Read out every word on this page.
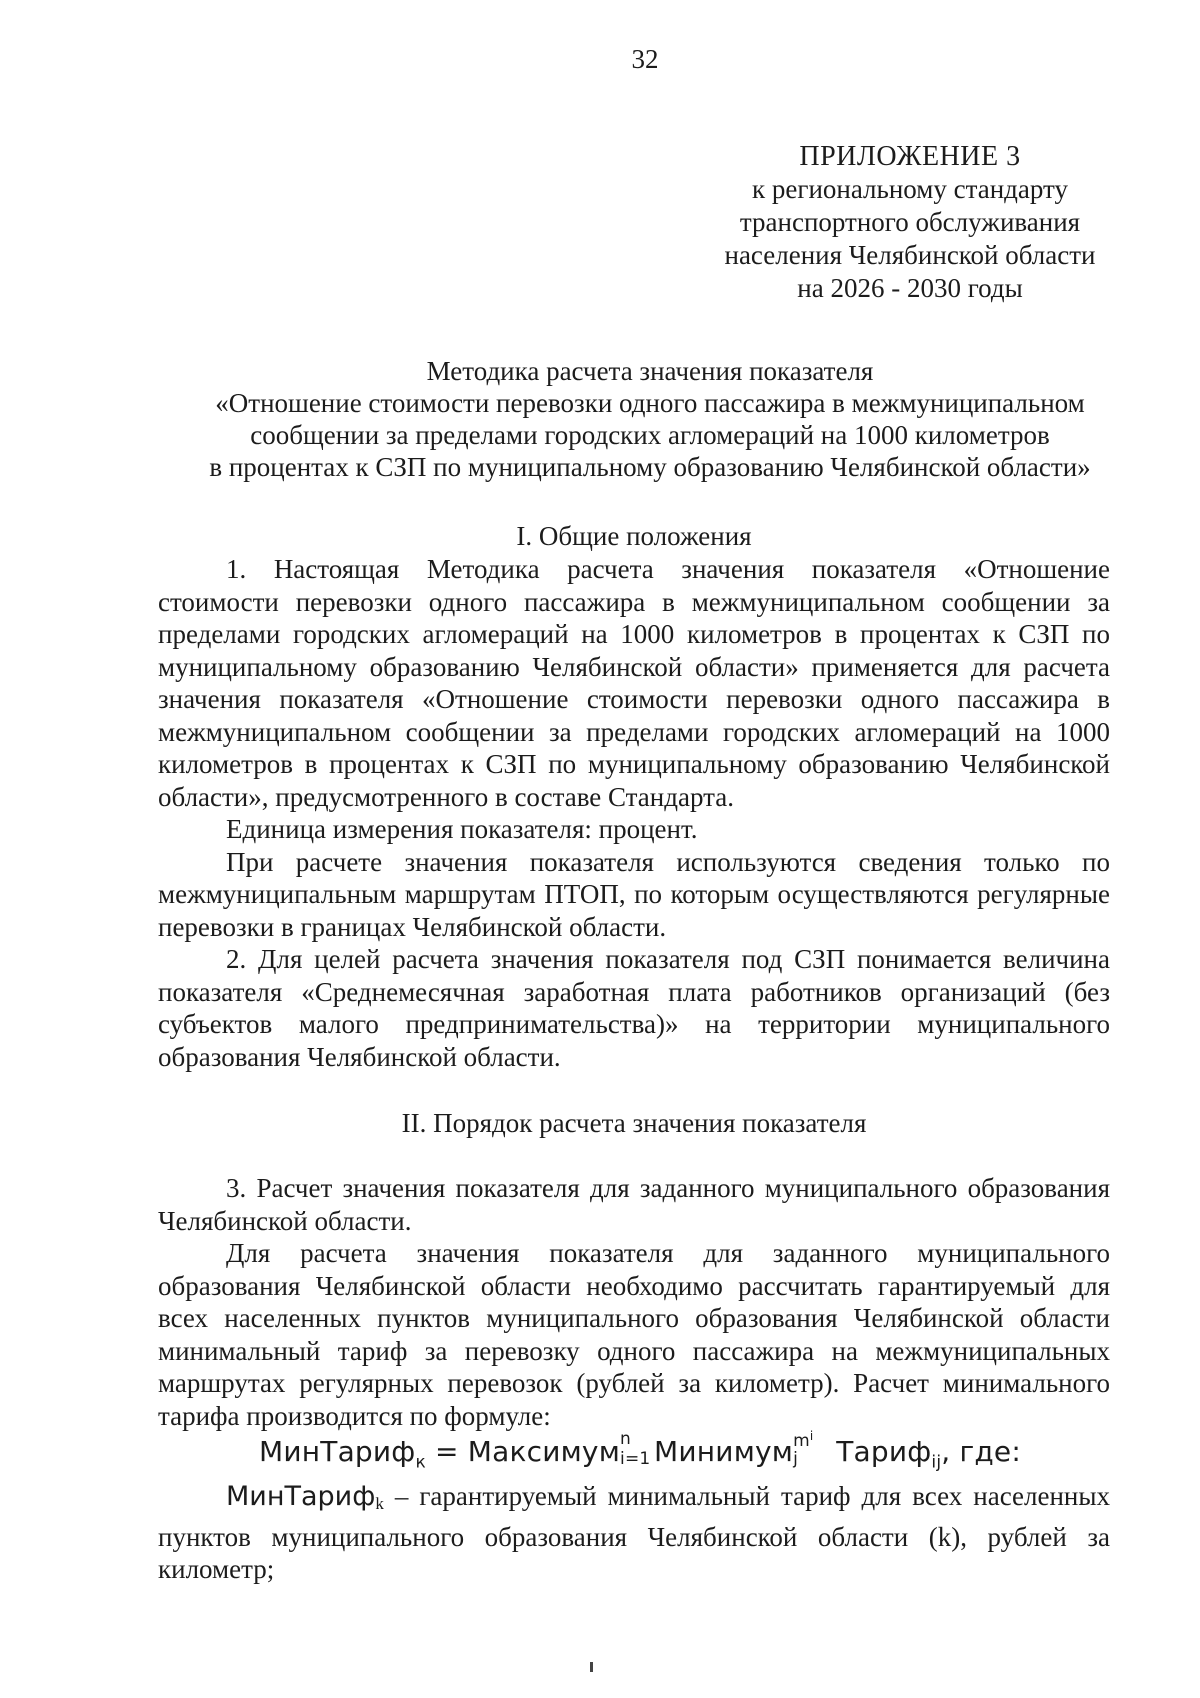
32
ПРИЛОЖЕНИЕ 3
к региональному стандарту
транспортного обслуживания
населения Челябинской области
на 2026 - 2030 годы
Методика расчета значения показателя
«Отношение стоимости перевозки одного пассажира в межмуниципальном
сообщении за пределами городских агломераций на 1000 километров
в процентах к СЗП по муниципальному образованию Челябинской области»
I. Общие положения

1. Настоящая Методика расчета значения показателя «Отношение стоимости перевозки одного пассажира в межмуниципальном сообщении за пределами городских агломераций на 1000 километров в процентах к СЗП по муниципальному образованию Челябинской области» применяется для расчета значения показателя «Отношение стоимости перевозки одного пассажира в межмуниципальном сообщении за пределами городских агломераций на 1000 километров в процентах к СЗП по муниципальному образованию Челябинской области», предусмотренного в составе Стандарта.

Единица измерения показателя: процент.

При расчете значения показателя используются сведения только по межмуниципальным маршрутам ПТОП, по которым осуществляются регулярные перевозки в границах Челябинской области.

2. Для целей расчета значения показателя под СЗП понимается величина показателя «Среднемесячная заработная плата работников организаций (без субъектов малого предпринимательства)» на территории муниципального образования Челябинской области.

II. Порядок расчета значения показателя

3. Расчет значения показателя для заданного муниципального образования Челябинской области.

Для расчета значения показателя для заданного муниципального образования Челябинской области необходимо рассчитать гарантируемый для всех населенных пунктов муниципального образования Челябинской области минимальный тариф за перевозку одного пассажира на межмуниципальных маршрутах регулярных перевозок (рублей за километр). Расчет минимального тарифа производится по формуле:

МинТариф$_к$ = Максимум n
i=1 Минимум $m^i$
j Тариф$_{ij}$, где:

МинТарифk – гарантируемый минимальный тариф для всех населенных пунктов муниципального образования Челябинской области (k), рублей за километр;
